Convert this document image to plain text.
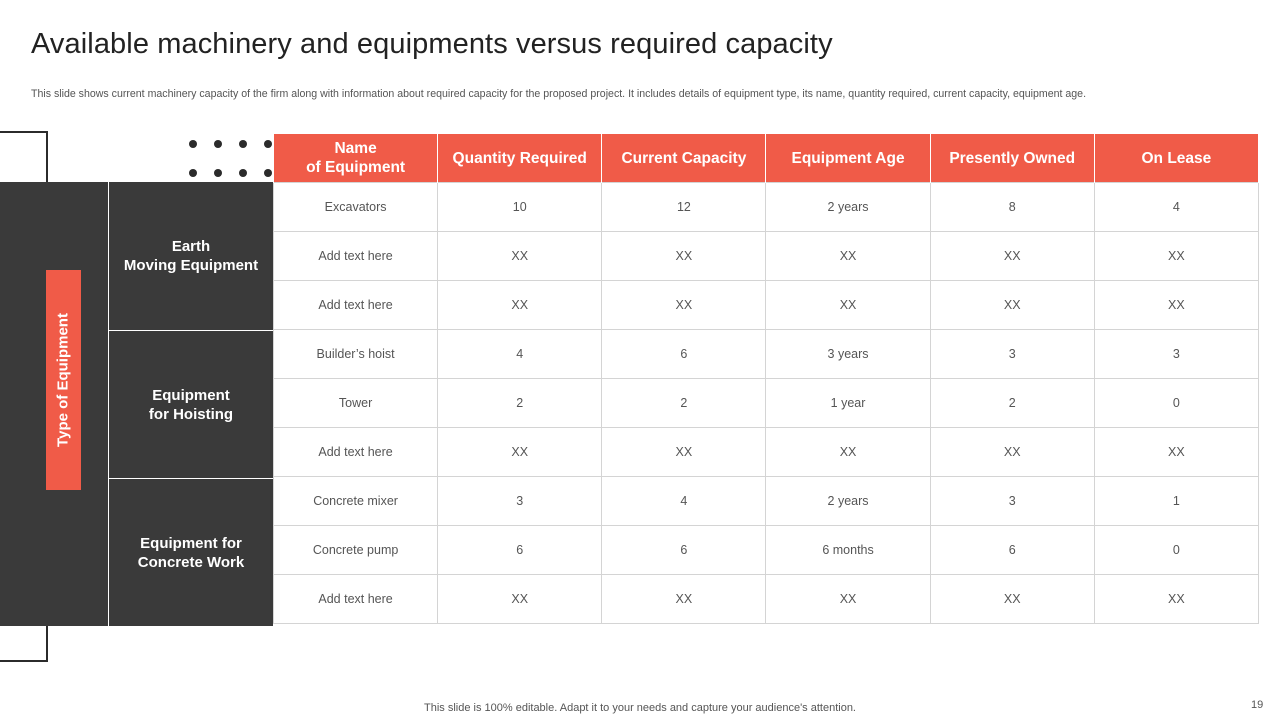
Available machinery and equipments versus required capacity
This slide shows current machinery capacity of the firm along with information about required capacity for the proposed project. It includes details of equipment type, its name, quantity required, current capacity, equipment age.
Type of Equipment
Earth
Moving Equipment
Equipment
for Hoisting
Equipment for
Concrete Work
Name
of Equipment	Quantity Required	Current Capacity	Equipment Age	Presently Owned	On Lease
Excavators	10	12	2 years	8	4
Add text here	XX	XX	XX	XX	XX
Add text here	XX	XX	XX	XX	XX
Builder’s hoist	4	6	3 years	3	3
Tower	2	2	1 year	2	0
Add text here	XX	XX	XX	XX	XX
Concrete mixer	3	4	2 years	3	1
Concrete pump	6	6	6 months	6	0
Add text here	XX	XX	XX	XX	XX
This slide is 100% editable. Adapt it to your needs and capture your audience's attention.	19
